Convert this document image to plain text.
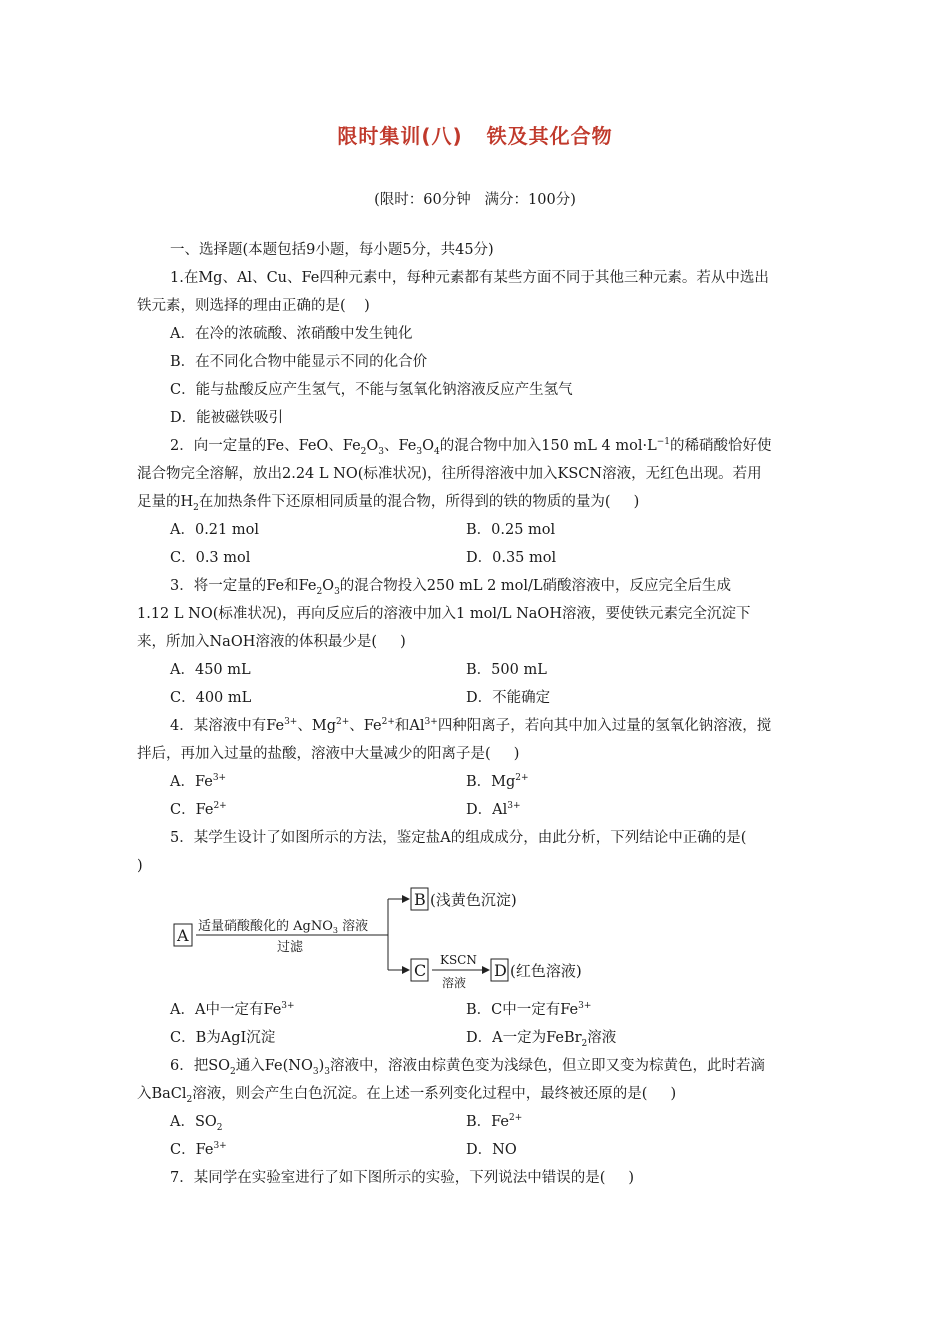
限时集训(八)   铁及其化合物
(限时：60分钟   满分：100分)
一、选择题(本题包括9小题，每小题5分，共45分)
1.在Mg、Al、Cu、Fe四种元素中，每种元素都有某些方面不同于其他三种元素。若从中选出
铁元素，则选择的理由正确的是(    )
A．在冷的浓硫酸、浓硝酸中发生钝化
B．在不同化合物中能显示不同的化合价
C．能与盐酸反应产生氢气，不能与氢氧化钠溶液反应产生氢气
D．能被磁铁吸引
2．向一定量的Fe、FeO、$Fe_2O_3$、$Fe_3O_4$的混合物中加入150 mL 4 $mol\cdot L^{-1}$的稀硝酸恰好使
混合物完全溶解，放出2.24 L NO(标准状况)，往所得溶液中加入KSCN溶液，无红色出现。若用
足量的$H_2$在加热条件下还原相同质量的混合物，所得到的铁的物质的量为(     )
A．0.21 mol	B．0.25 mol
C．0.3 mol	D．0.35 mol
3．将一定量的Fe和$Fe_2O_3$的混合物投入250 mL 2 mol/L硝酸溶液中，反应完全后生成
1.12 L NO(标准状况)，再向反应后的溶液中加入1 mol/L NaOH溶液，要使铁元素完全沉淀下
来，所加入NaOH溶液的体积最少是(     )
A．450 mL	B．500 mL
C．400 mL	D．不能确定
4．某溶液中有$Fe^{3+}$、$Mg^{2+}$、$Fe^{2+}$和$Al^{3+}$四种阳离子，若向其中加入过量的氢氧化钠溶液，搅
拌后，再加入过量的盐酸，溶液中大量减少的阳离子是(     )
A．$Fe^{3+}$	B．$Mg^{2+}$
C．$Fe^{2+}$	D．$Al^{3+}$
5．某学生设计了如图所示的方法，鉴定盐A的组成成分，由此分析，下列结论中正确的是(
)
A 适量硝酸酸化的 AgNO$_3$ 溶液
过滤
B (浅黄色沉淀)
C
KSCN
溶液
D (红色溶液)
A．A中一定有$Fe^{3+}$	B．C中一定有$Fe^{3+}$
C．B为AgI沉淀	D．A一定为FeBr$_2$溶液
6．把$SO_2$通入$Fe(NO_3)_3$溶液中，溶液由棕黄色变为浅绿色，但立即又变为棕黄色，此时若滴
入BaCl$_2$溶液，则会产生白色沉淀。在上述一系列变化过程中，最终被还原的是(     )
A．$SO_2$	B．$Fe^{2+}$
C．$Fe^{3+}$	D．NO
7．某同学在实验室进行了如下图所示的实验，下列说法中错误的是(     )
